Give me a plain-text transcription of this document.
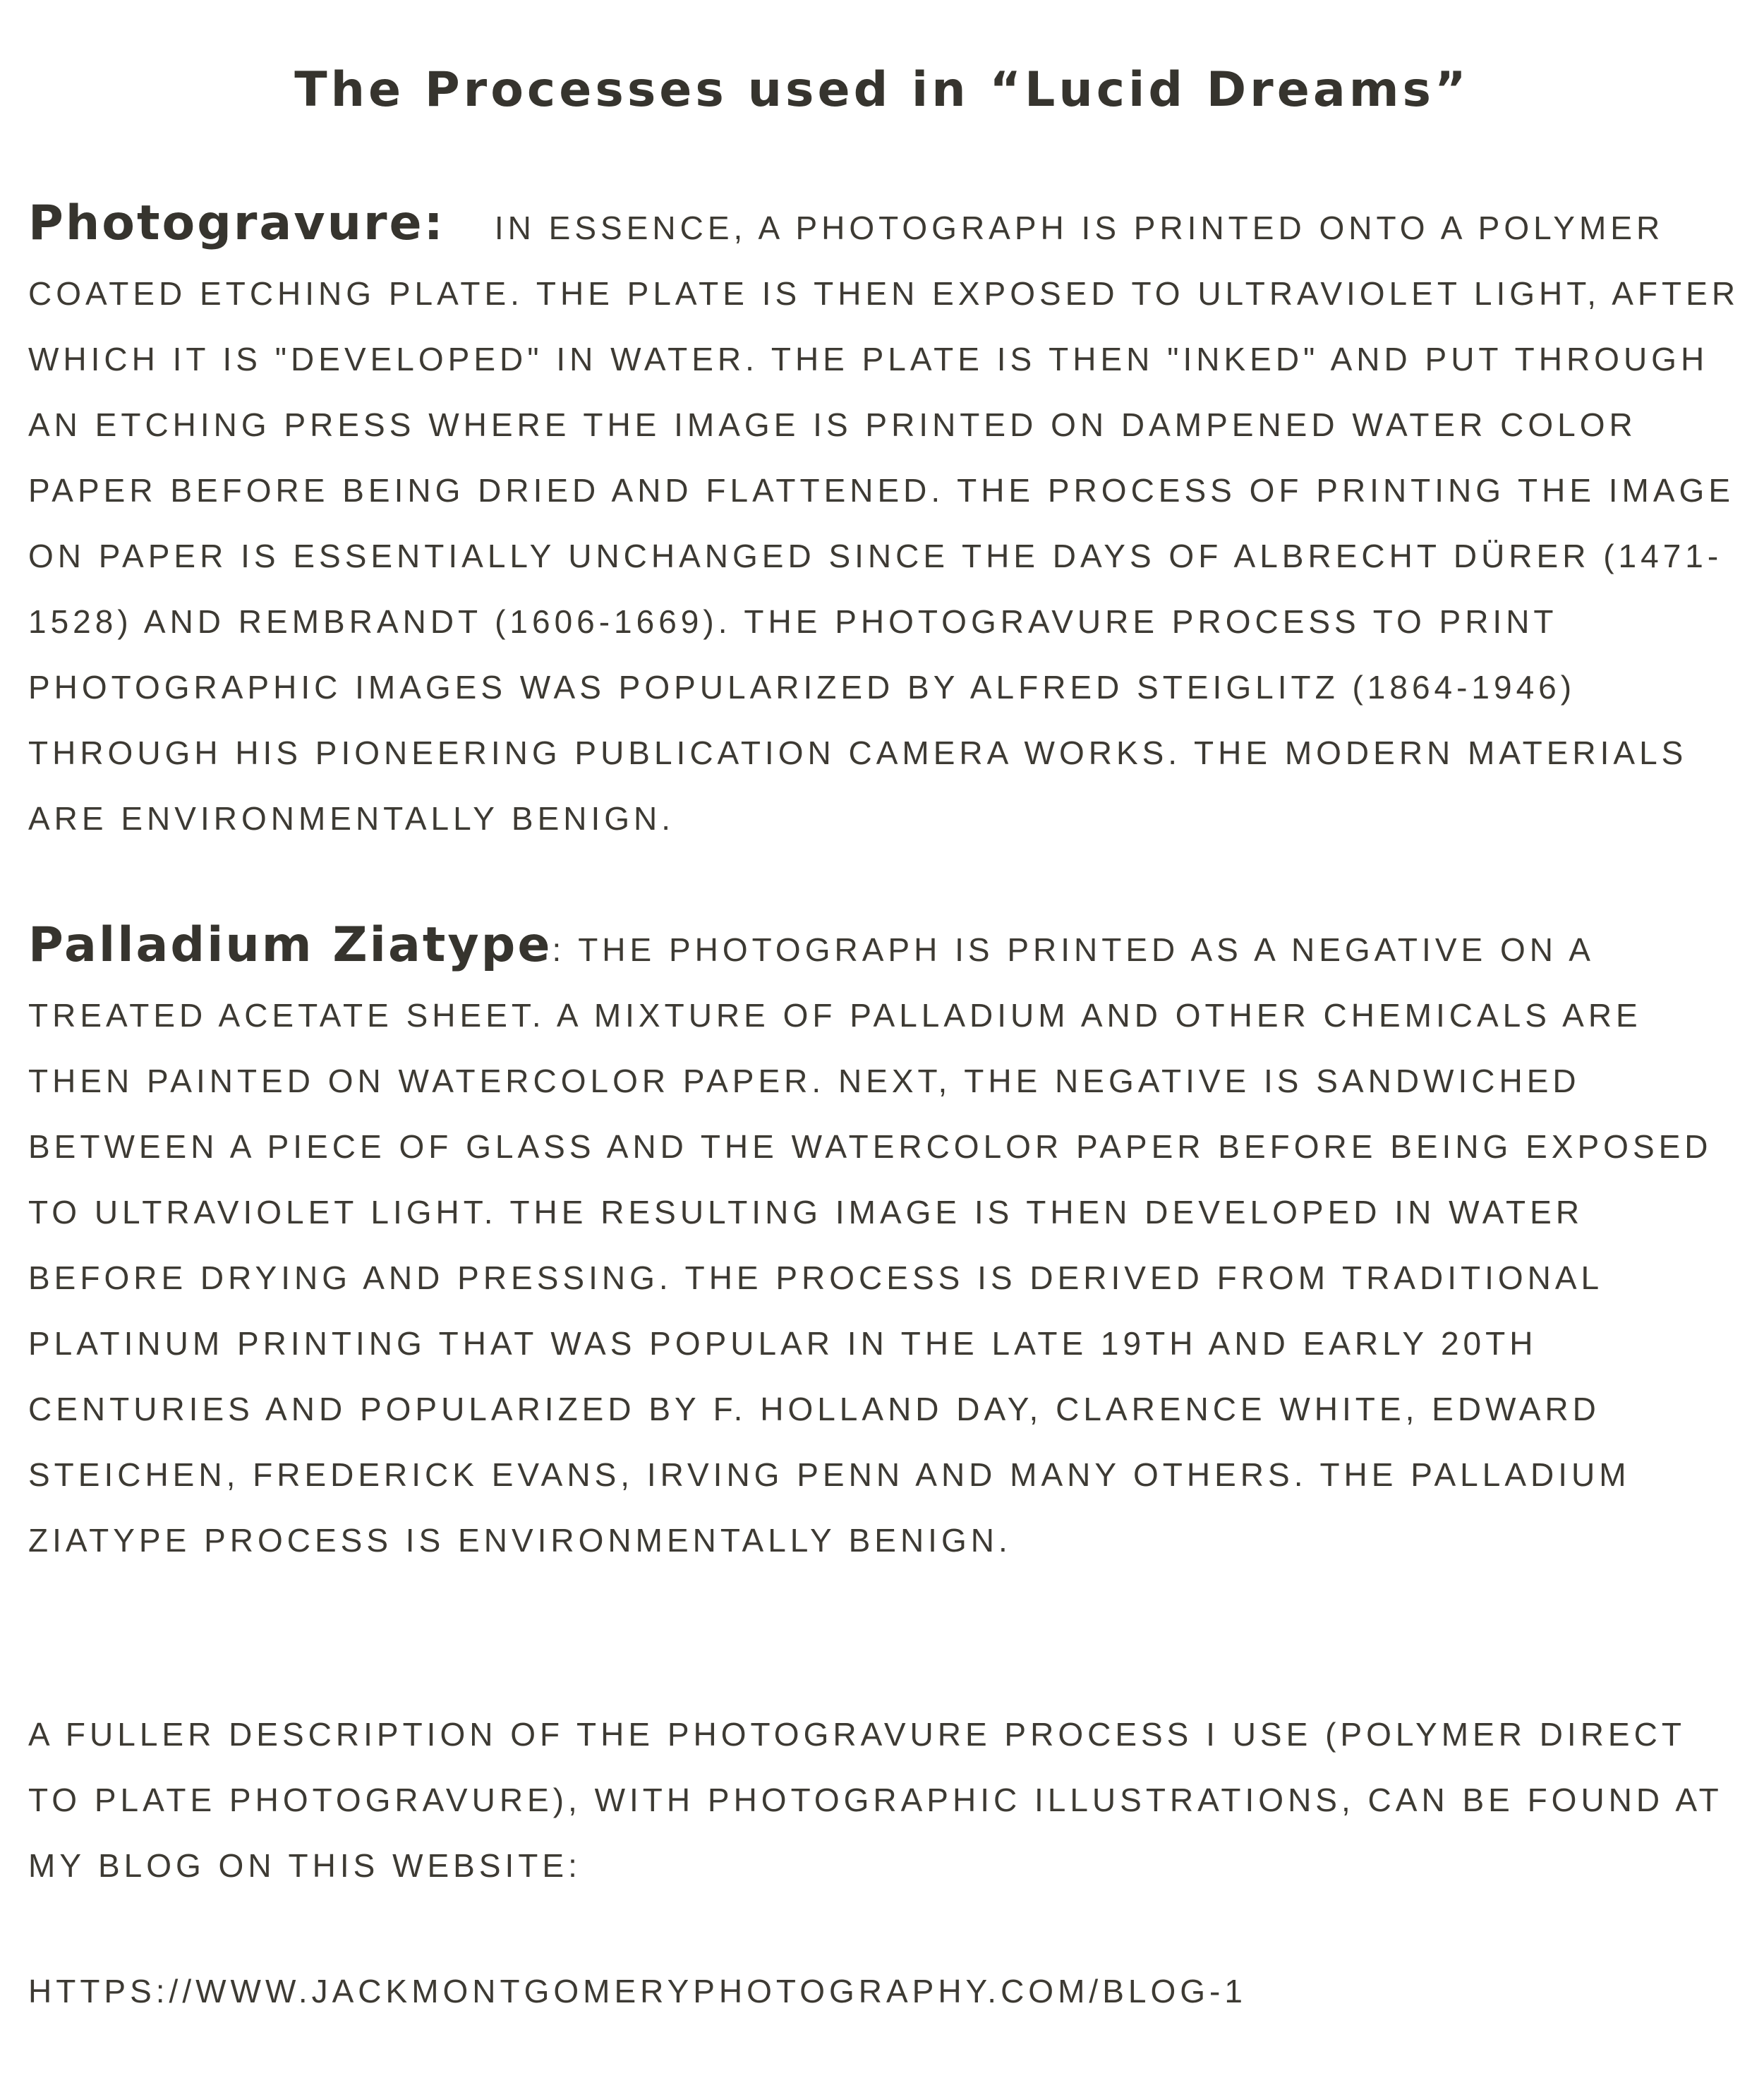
The Processes used in “Lucid Dreams”

Photogravure: IN ESSENCE, A PHOTOGRAPH IS PRINTED ONTO A POLYMER COATED ETCHING PLATE. THE PLATE IS THEN EXPOSED TO ULTRAVIOLET LIGHT, AFTER WHICH IT IS "DEVELOPED" IN WATER. THE PLATE IS THEN "INKED" AND PUT THROUGH AN ETCHING PRESS WHERE THE IMAGE IS PRINTED ON DAMPENED WATER COLOR PAPER BEFORE BEING DRIED AND FLATTENED. THE PROCESS OF PRINTING THE IMAGE ON PAPER IS ESSENTIALLY UNCHANGED SINCE THE DAYS OF ALBRECHT DÜRER (1471-1528) AND REMBRANDT (1606-1669). THE PHOTOGRAVURE PROCESS TO PRINT PHOTOGRAPHIC IMAGES WAS POPULARIZED BY ALFRED STEIGLITZ (1864-1946) THROUGH HIS PIONEERING PUBLICATION CAMERA WORKS. THE MODERN MATERIALS ARE ENVIRONMENTALLY BENIGN.

Palladium Ziatype: THE PHOTOGRAPH IS PRINTED AS A NEGATIVE ON A TREATED ACETATE SHEET. A MIXTURE OF PALLADIUM AND OTHER CHEMICALS ARE THEN PAINTED ON WATERCOLOR PAPER. NEXT, THE NEGATIVE IS SANDWICHED BETWEEN A PIECE OF GLASS AND THE WATERCOLOR PAPER BEFORE BEING EXPOSED TO ULTRAVIOLET LIGHT. THE RESULTING IMAGE IS THEN DEVELOPED IN WATER BEFORE DRYING AND PRESSING. THE PROCESS IS DERIVED FROM TRADITIONAL PLATINUM PRINTING THAT WAS POPULAR IN THE LATE 19TH AND EARLY 20TH CENTURIES AND POPULARIZED BY F. HOLLAND DAY, CLARENCE WHITE, EDWARD STEICHEN, FREDERICK EVANS, IRVING PENN AND MANY OTHERS. THE PALLADIUM ZIATYPE PROCESS IS ENVIRONMENTALLY BENIGN.

A FULLER DESCRIPTION OF THE PHOTOGRAVURE PROCESS I USE (POLYMER DIRECT TO PLATE PHOTOGRAVURE), WITH PHOTOGRAPHIC ILLUSTRATIONS, CAN BE FOUND AT MY BLOG ON THIS WEBSITE:

HTTPS://WWW.JACKMONTGOMERYPHOTOGRAPHY.COM/BLOG-1
